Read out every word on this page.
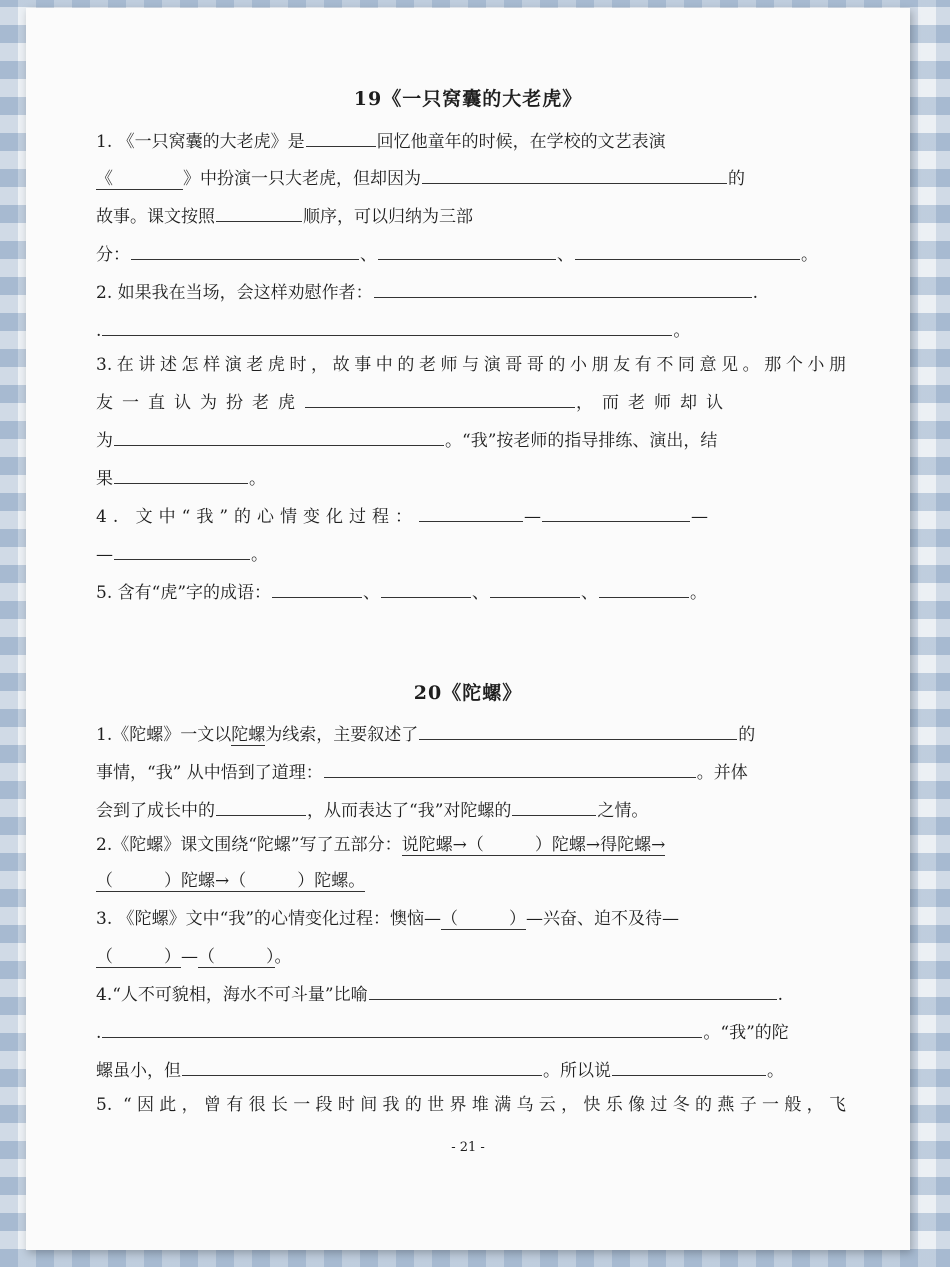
19《一只窝囊的大老虎》
1. 《一只窝囊的大老虎》是	回忆他童年的时候，在学校的文艺表演
《	》中扮演一只大老虎，但却因为	的
故事。课文按照	顺序，可以归纳为三部
分：	、	、	。
2. 如果我在当场，会这样劝慰作者：	.
.	。
3.在讲述怎样演老虎时，故事中的老师与演哥哥的小朋友有不同意见。那个小朋
友一直认为扮老虎	，而老师却认
为	。“我”按老师的指导排练、演出，结
果	。
4. 文中“我”的心情变化过程：	—	—
—	。
5. 含有“虎”字的成语：	、	、	、	。
20《陀螺》
1.《陀螺》一文以陀螺为线索，主要叙述了	的
事情，“我” 从中悟到了道理：	。并体
会到了成长中的	，从而表达了“我”对陀螺的	之情。
2.《陀螺》课文围绕“陀螺”写了五部分：说陀螺→（　　　）陀螺→得陀螺→
（　　　）陀螺→（　　　）陀螺。
3. 《陀螺》文中“我”的心情变化过程：懊恼—（　　　）—兴奋、迫不及待—
（　　　）—（　　　）。
4.“人不可貌相，海水不可斗量”比喻	.
.	。“我”的陀
螺虽小，但	。所以说	。
5. “因此，曾有很长一段时间我的世界堆满乌云，快乐像过冬的燕子一般，飞
- 21 -
